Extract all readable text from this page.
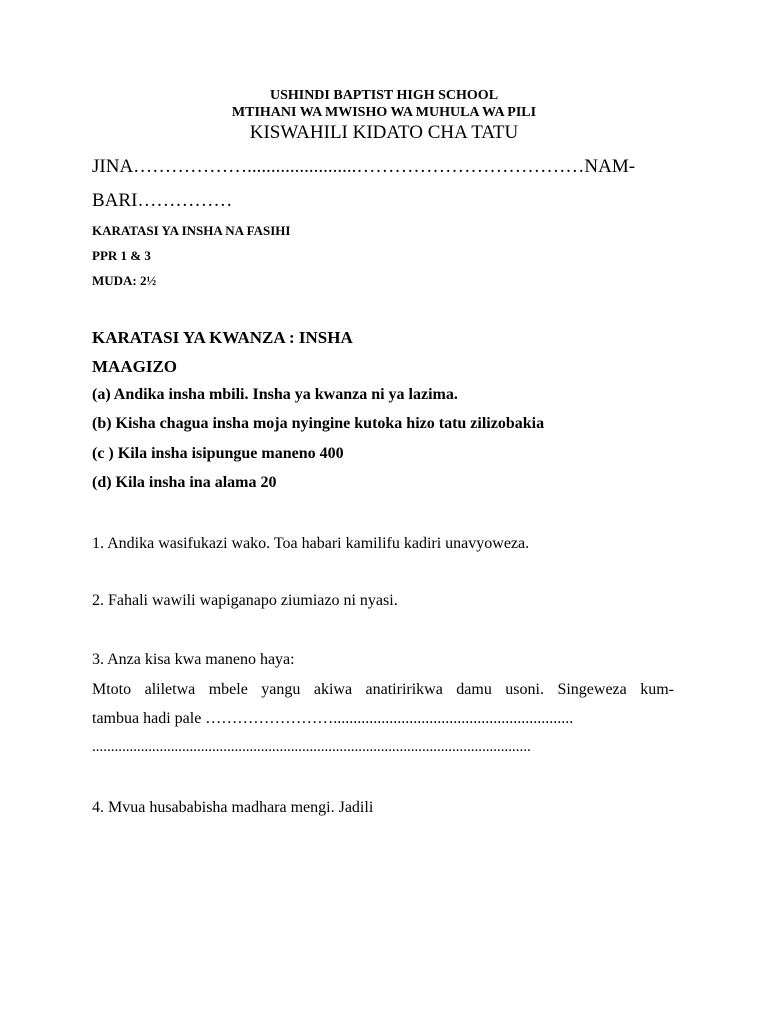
USHINDI BAPTIST HIGH SCHOOL
MTIHANI WA MWISHO WA MUHULA WA PILI
KISWAHILI KIDATO CHA TATU
JINA……………….......................………………………………NAM-
BARI……………
KARATASI YA INSHA NA FASIHI
PPR 1 & 3
MUDA: 2½
KARATASI YA KWANZA : INSHA
MAAGIZO
(a) Andika insha mbili. Insha ya kwanza ni ya lazima.
(b) Kisha chagua insha moja nyingine kutoka hizo tatu zilizobakia
(c ) Kila insha isipungue maneno 400
(d) Kila insha ina alama 20
1. Andika wasifukazi wako. Toa habari kamilifu kadiri unavyoweza.
2. Fahali wawili wapiganapo ziumiazo ni nyasi.
3. Anza kisa kwa maneno haya:
Mtoto aliletwa mbele yangu akiwa anatiririkwa damu usoni. Singeweza kum-
tambua hadi pale ……………………............................................................
.....................................................................................................................
4. Mvua husababisha madhara mengi. Jadili
